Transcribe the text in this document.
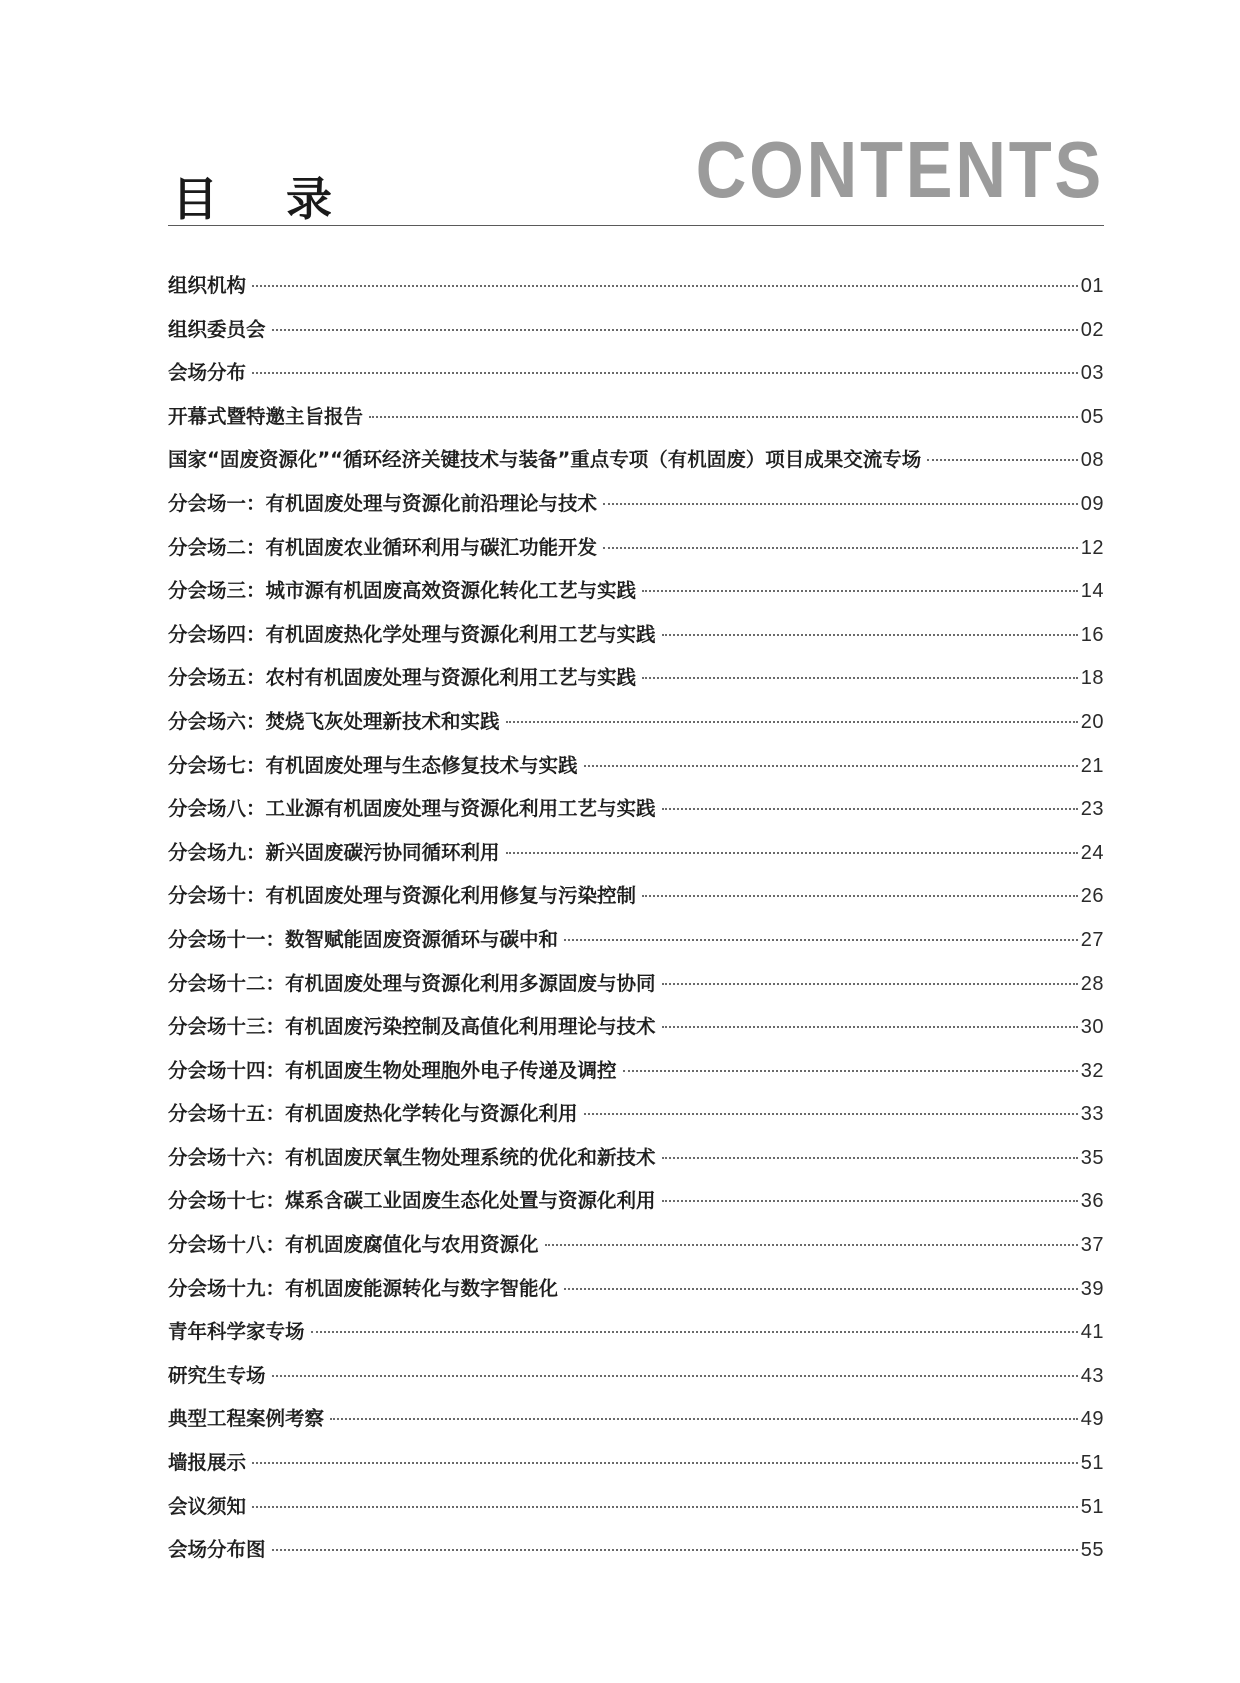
目 录	CONTENTS
组织机构	01
组织委员会	02
会场分布	03
开幕式暨特邀主旨报告	05
国家“固废资源化”“循环经济关键技术与装备”重点专项（有机固废）项目成果交流专场	08
分会场一：有机固废处理与资源化前沿理论与技术	09
分会场二：有机固废农业循环利用与碳汇功能开发	12
分会场三：城市源有机固废高效资源化转化工艺与实践	14
分会场四：有机固废热化学处理与资源化利用工艺与实践	16
分会场五：农村有机固废处理与资源化利用工艺与实践	18
分会场六：焚烧飞灰处理新技术和实践	20
分会场七：有机固废处理与生态修复技术与实践	21
分会场八：工业源有机固废处理与资源化利用工艺与实践	23
分会场九：新兴固废碳污协同循环利用	24
分会场十：有机固废处理与资源化利用修复与污染控制	26
分会场十一：数智赋能固废资源循环与碳中和	27
分会场十二：有机固废处理与资源化利用多源固废与协同	28
分会场十三：有机固废污染控制及高值化利用理论与技术	30
分会场十四：有机固废生物处理胞外电子传递及调控	32
分会场十五：有机固废热化学转化与资源化利用	33
分会场十六：有机固废厌氧生物处理系统的优化和新技术	35
分会场十七：煤系含碳工业固废生态化处置与资源化利用	36
分会场十八：有机固废腐值化与农用资源化	37
分会场十九：有机固废能源转化与数字智能化	39
青年科学家专场	41
研究生专场	43
典型工程案例考察	49
墙报展示	51
会议须知	51
会场分布图	55
